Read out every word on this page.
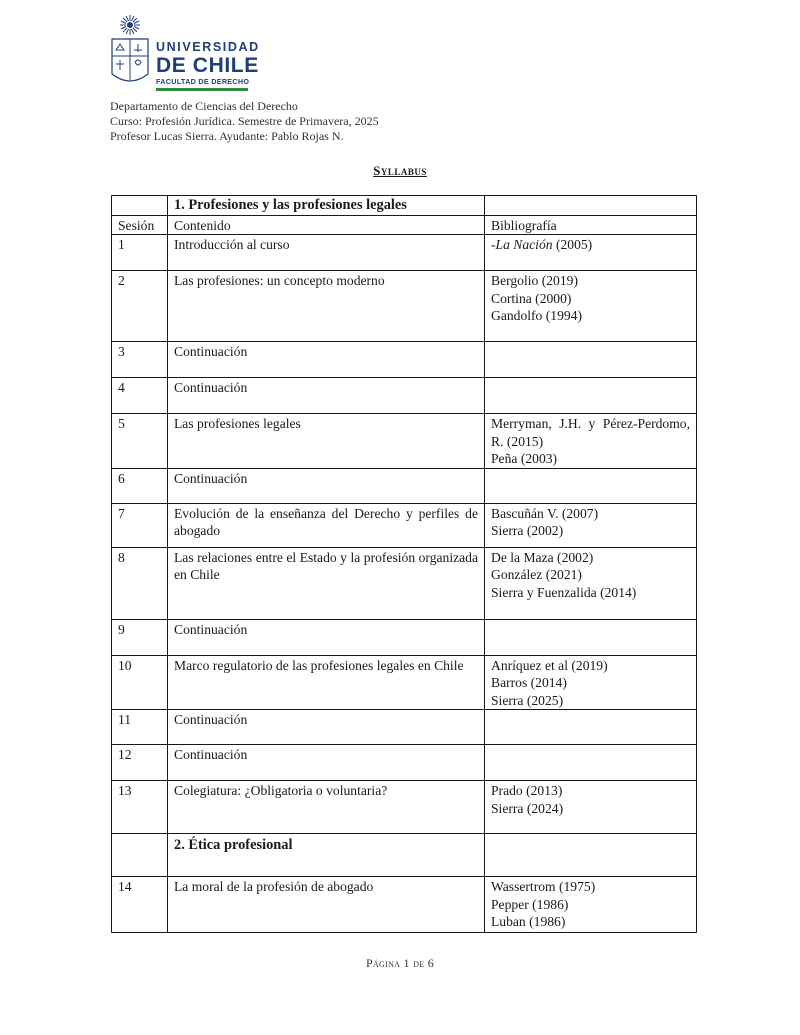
UNIVERSIDAD
DE CHILE
FACULTAD DE DERECHO
Departamento de Ciencias del Derecho
Curso: Profesión Jurídica. Semestre de Primavera, 2025
Profesor Lucas Sierra. Ayudante: Pablo Rojas N.
Syllabus
	1. Profesiones y las profesiones legales	
Sesión	Contenido	Bibliografía
1	Introducción al curso	-La Nación (2005)
2	Las profesiones: un concepto moderno	Bergolio (2019)
Cortina (2000)
Gandolfo (1994)

3	Continuación	
4	Continuación	
5	Las profesiones legales	Merryman, J.H. y Pérez-Perdomo, R. (2015)
Peña (2003)

6	Continuación	
7	Evolución de la enseñanza del Derecho y perfiles de abogado	Bascuñán V. (2007)
Sierra (2002)

8	Las relaciones entre el Estado y la profesión organizada en Chile	De la Maza (2002)
González (2021)
Sierra y Fuenzalida (2014)

9	Continuación	
10	Marco regulatorio de las profesiones legales en Chile	Anríquez et al (2019)
Barros (2014)
Sierra (2025)

11	Continuación	
12	Continuación	
13	Colegiatura: ¿Obligatoria o voluntaria?	Prado (2013)
Sierra (2024)

	2. Ética profesional	
14	La moral de la profesión de abogado	Wassertrom (1975)
Pepper (1986)
Luban (1986)
Página 1 de 6
